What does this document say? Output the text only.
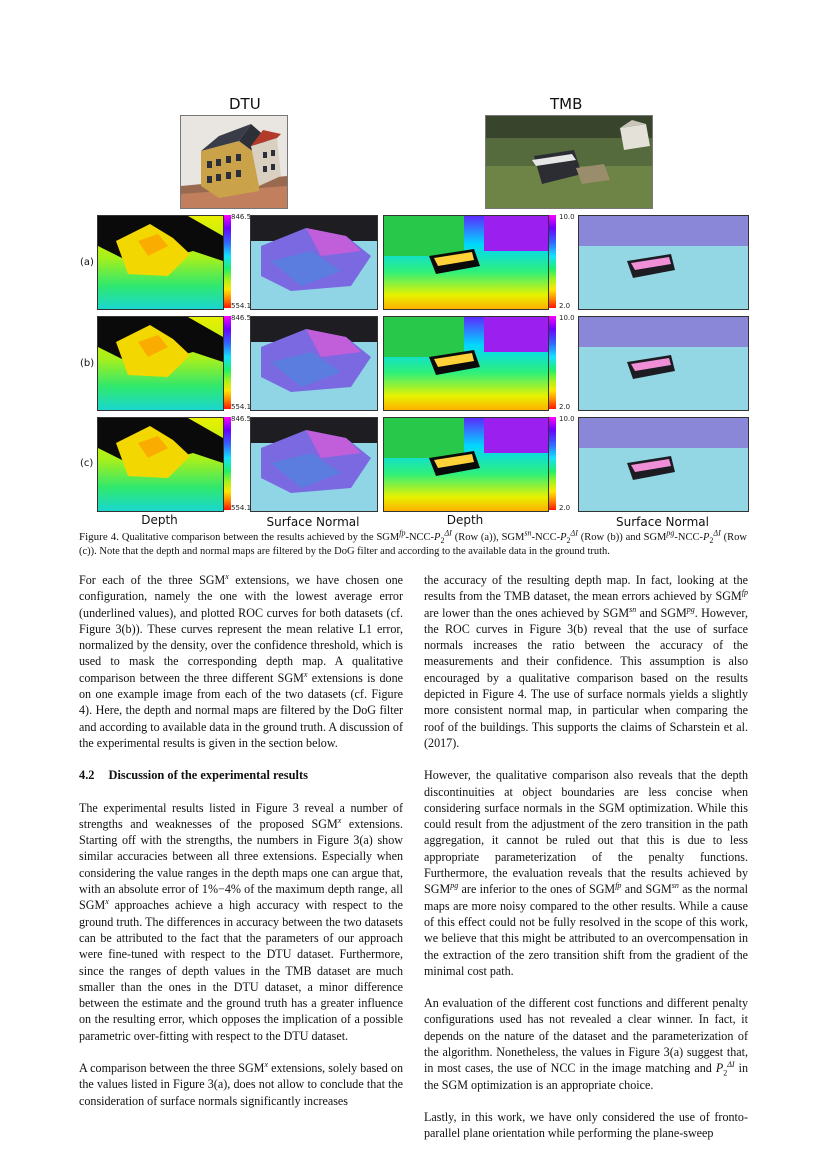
DTU	TMB
(a)
(b)
(c)
846.5
554.1
10.0
2.0
846.5
554.1
10.0
2.0
846.5
554.1
10.0
2.0
Depth	Surface Normal	Depth	Surface Normal
Figure 4. Qualitative comparison between the results achieved by the $SGM^{fp}-NCC-P_2^{\Delta I}$ (Row (a)), $SGM^{sn}-NCC-P_2^{\Delta I}$ (Row (b)) and $SGM^{pg}-NCC-P_2^{\Delta I}$ (Row (c)). Note that the depth and normal maps are filtered by the DoG filter and according to the available data in the ground truth.

For each of the three SGM$^x$ extensions, we have chosen one configuration, namely the one with the lowest average error (underlined values), and plotted ROC curves for both datasets (cf. Figure 3(b)). These curves represent the mean relative L1 error, normalized by the density, over the confidence threshold, which is used to mask the corresponding depth map. A qualitative comparison between the three different SGM$^x$ extensions is done on one example image from each of the two datasets (cf. Figure 4). Here, the depth and normal maps are filtered by the DoG filter and according to available data in the ground truth. A discussion of the experimental results is given in the section below.

4.2 Discussion of the experimental results

The experimental results listed in Figure 3 reveal a number of strengths and weaknesses of the proposed SGM$^x$ extensions. Starting off with the strengths, the numbers in Figure 3(a) show similar accuracies between all three extensions. Especially when considering the value ranges in the depth maps one can argue that, with an absolute error of 1%−4% of the maximum depth range, all SGM$^x$ approaches achieve a high accuracy with respect to the ground truth. The differences in accuracy between the two datasets can be attributed to the fact that the parameters of our approach were fine-tuned with respect to the DTU dataset. Furthermore, since the ranges of depth values in the TMB dataset are much smaller than the ones in the DTU dataset, a minor difference between the estimate and the ground truth has a greater influence on the resulting error, which opposes the implication of a possible parametric over-fitting with respect to the DTU dataset.

A comparison between the three SGM$^x$ extensions, solely based on the values listed in Figure 3(a), does not allow to conclude that the consideration of surface normals significantly increases

the accuracy of the resulting depth map. In fact, looking at the results from the TMB dataset, the mean errors achieved by $SGM^{fp}$ are lower than the ones achieved by $SGM^{sn}$ and $SGM^{pg}$. However, the ROC curves in Figure 3(b) reveal that the use of surface normals increases the ratio between the accuracy of the measurements and their confidence. This assumption is also encouraged by a qualitative comparison based on the results depicted in Figure 4. The use of surface normals yields a slightly more consistent normal map, in particular when comparing the roof of the buildings. This supports the claims of Scharstein et al. (2017).

However, the qualitative comparison also reveals that the depth discontinuities at object boundaries are less concise when considering surface normals in the SGM optimization. While this could result from the adjustment of the zero transition in the path aggregation, it cannot be ruled out that this is due to less appropriate parameterization of the penalty functions. Furthermore, the evaluation reveals that the results achieved by $SGM^{pg}$ are inferior to the ones of $SGM^{fp}$ and $SGM^{sn}$ as the normal maps are more noisy compared to the other results. While a cause of this effect could not be fully resolved in the scope of this work, we believe that this might be attributed to an overcompensation in the extraction of the zero transition shift from the gradient of the minimal cost path.

An evaluation of the different cost functions and different penalty configurations used has not revealed a clear winner. In fact, it depends on the nature of the dataset and the parameterization of the algorithm. Nonetheless, the values in Figure 3(a) suggest that, in most cases, the use of NCC in the image matching and $P_2^{\Delta I}$ in the SGM optimization is an appropriate choice.

Lastly, in this work, we have only considered the use of fronto-parallel plane orientation while performing the plane-sweep
